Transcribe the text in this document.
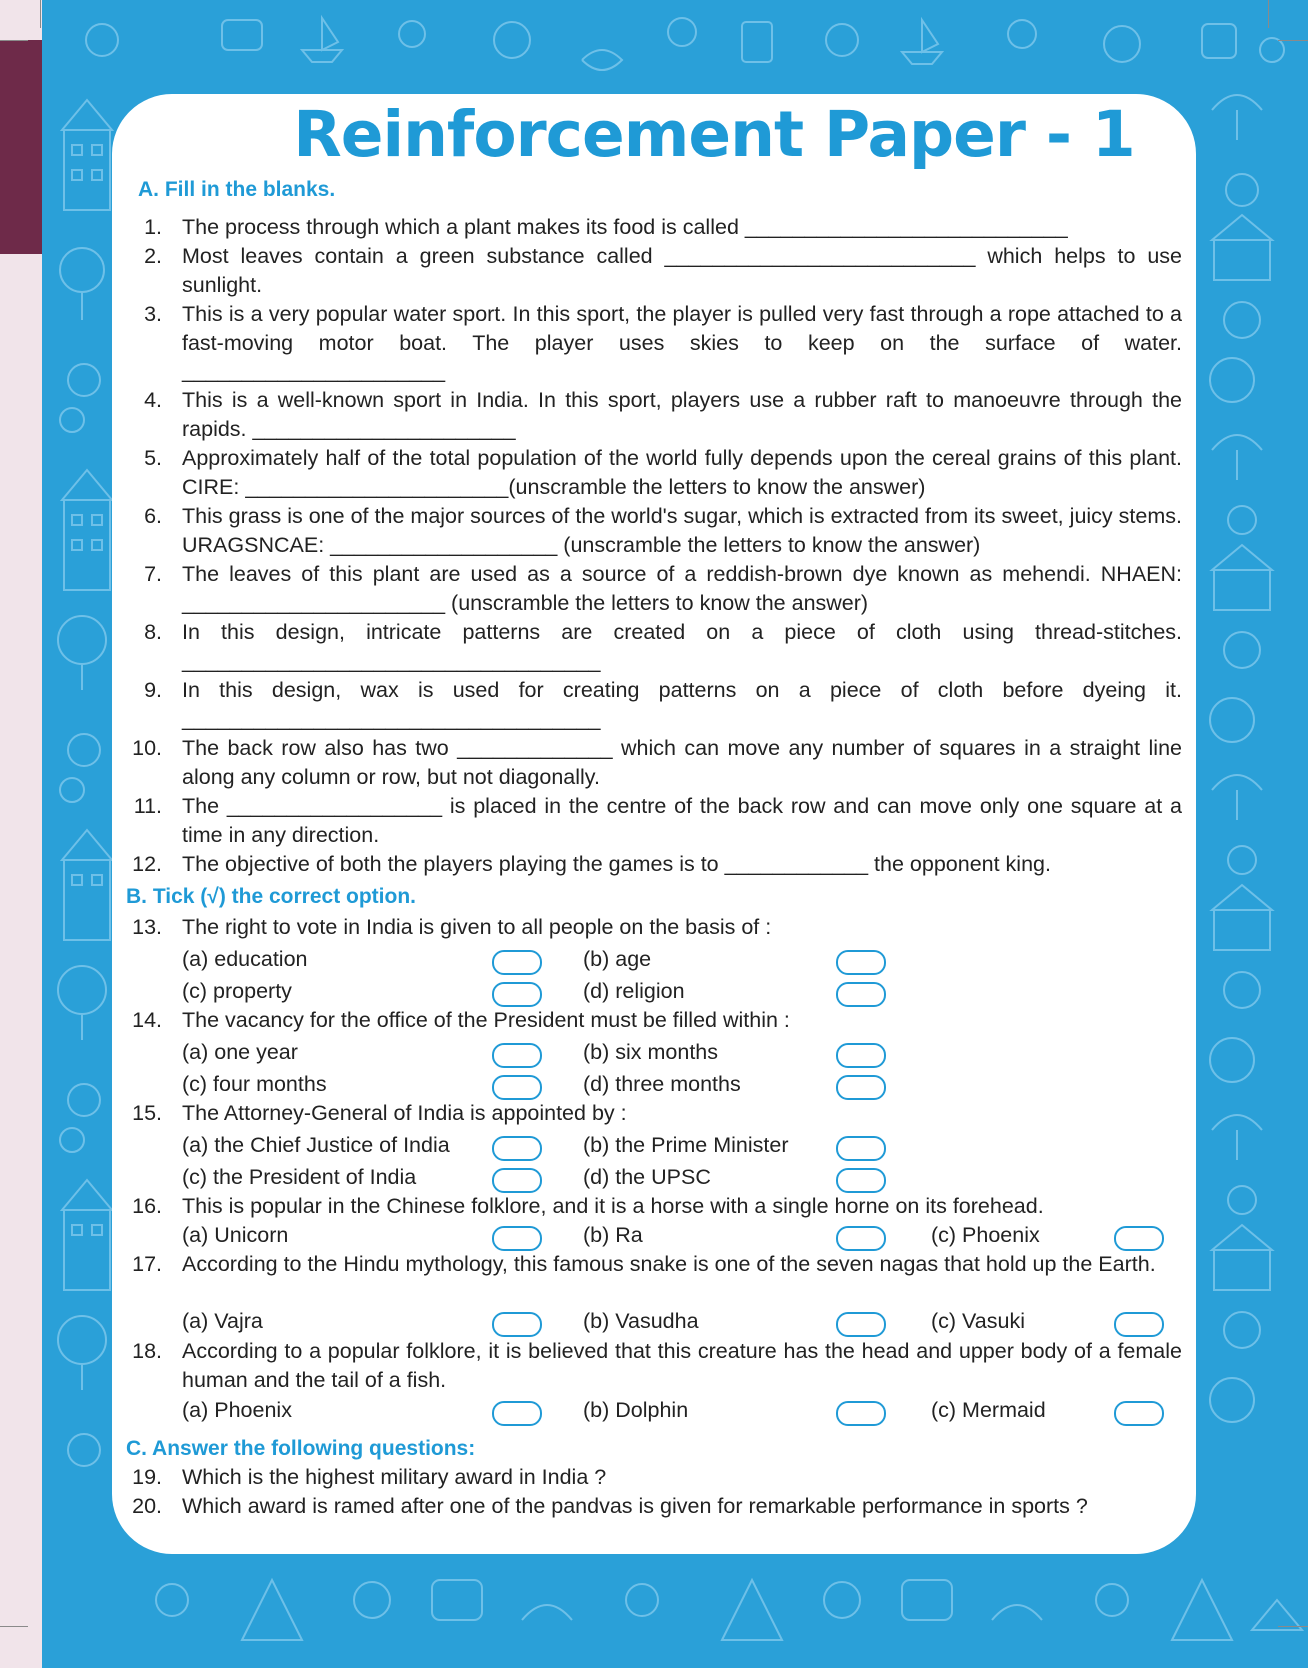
Reinforcement Paper - 1
A. Fill in the blanks.
1. The process through which a plant makes its food is called ___________________________
2. Most leaves contain a green substance called __________________________ which helps to use sunlight.
3. This is a very popular water sport. In this sport, the player is pulled very fast through a rope attached to a fast-moving motor boat. The player uses skies to keep on the surface of water. ______________________
4. This is a well-known sport in India. In this sport, players use a rubber raft to manoeuvre through the rapids. ______________________
5. Approximately half of the total population of the world fully depends upon the cereal grains of this plant. CIRE: ______________________(unscramble the letters to know the answer)
6. This grass is one of the major sources of the world's sugar, which is extracted from its sweet, juicy stems. URAGSNCAE: ___________________ (unscramble the letters to know the answer)
7. The leaves of this plant are used as a source of a reddish-brown dye known as mehendi. NHAEN: ______________________ (unscramble the letters to know the answer)
8. In this design, intricate patterns are created on a piece of cloth using thread-stitches. ___________________________________
9. In this design, wax is used for creating patterns on a piece of cloth before dyeing it. ___________________________________
10. The back row also has two _____________ which can move any number of squares in a straight line along any column or row, but not diagonally.
11. The __________________ is placed in the centre of the back row and can move only one square at a time in any direction.
12. The objective of both the players playing the games is to ____________ the opponent king.
B. Tick (√) the correct option.
13. The right to vote in India is given to all people on the basis of :
(a) education	(b) age
(c) property	(d) religion
14. The vacancy for the office of the President must be filled within :
(a) one year	(b) six months
(c) four months	(d) three months
15. The Attorney-General of India is appointed by :
(a) the Chief Justice of India	(b) the Prime Minister
(c) the President of India	(d) the UPSC
16. This is popular in the Chinese folklore, and it is a horse with a single horne on its forehead.
(a) Unicorn	(b) Ra	(c) Phoenix
17. According to the Hindu mythology, this famous snake is one of the seven nagas that hold up the Earth.
(a) Vajra	(b) Vasudha	(c) Vasuki
18. According to a popular folklore, it is believed that this creature has the head and upper body of a female human and the tail of a fish.
(a) Phoenix	(b) Dolphin	(c) Mermaid
C. Answer the following questions:
19. Which is the highest military award in India ?
20. Which award is ramed after one of the pandvas is given for remarkable performance in sports ?
